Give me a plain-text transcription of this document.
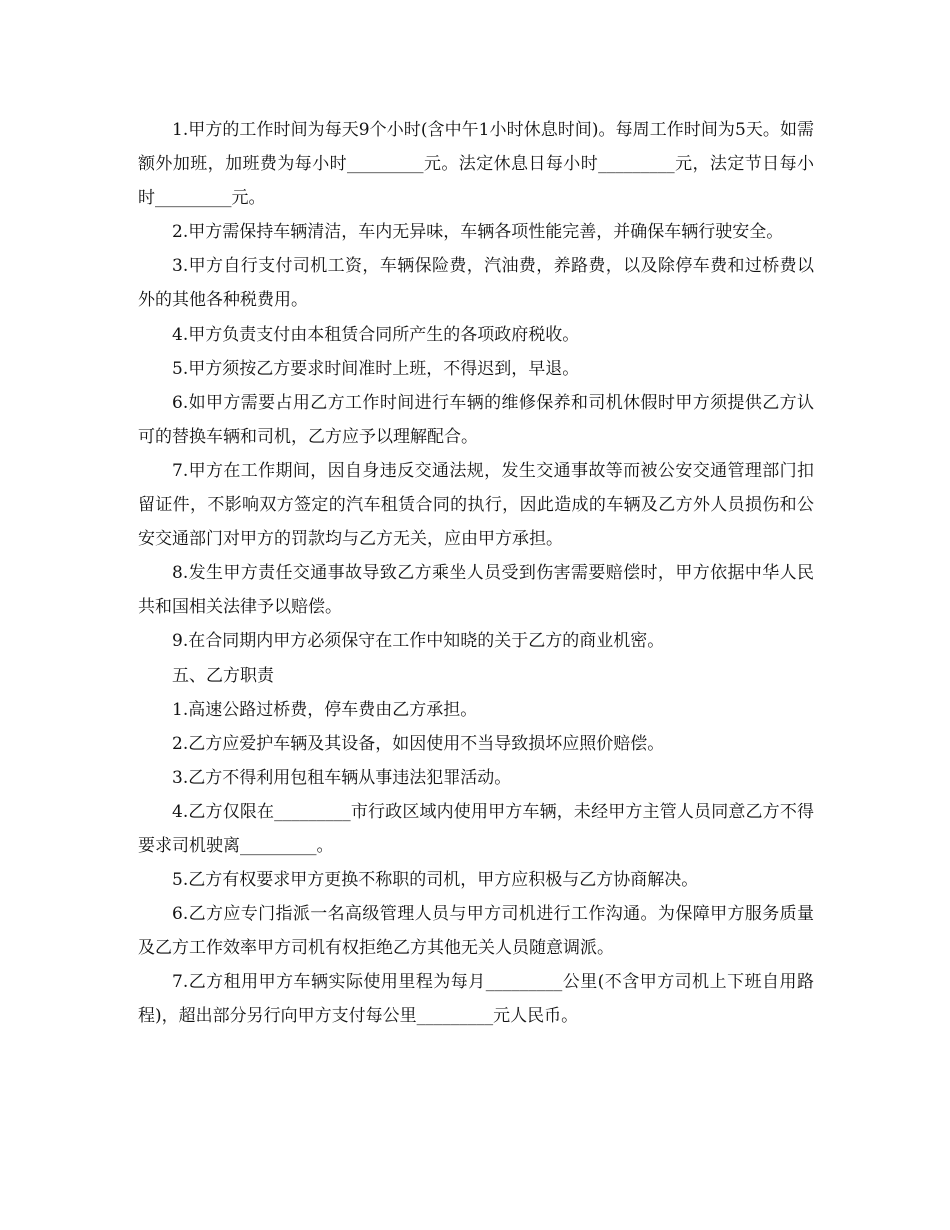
1.甲方的工作时间为每天9个小时(含中午1小时休息时间)。每周工作时间为5天。如需额外加班，加班费为每小时_________元。法定休息日每小时_________元，法定节日每小时_________元。

2.甲方需保持车辆清洁，车内无异味，车辆各项性能完善，并确保车辆行驶安全。

3.甲方自行支付司机工资，车辆保险费，汽油费，养路费，以及除停车费和过桥费以外的其他各种税费用。

4.甲方负责支付由本租赁合同所产生的各项政府税收。

5.甲方须按乙方要求时间准时上班，不得迟到，早退。

6.如甲方需要占用乙方工作时间进行车辆的维修保养和司机休假时甲方须提供乙方认可的替换车辆和司机，乙方应予以理解配合。

7.甲方在工作期间，因自身违反交通法规，发生交通事故等而被公安交通管理部门扣留证件，不影响双方签定的汽车租赁合同的执行，因此造成的车辆及乙方外人员损伤和公安交通部门对甲方的罚款均与乙方无关，应由甲方承担。

8.发生甲方责任交通事故导致乙方乘坐人员受到伤害需要赔偿时，甲方依据中华人民共和国相关法律予以赔偿。

9.在合同期内甲方必须保守在工作中知晓的关于乙方的商业机密。

五、乙方职责

1.高速公路过桥费，停车费由乙方承担。

2.乙方应爱护车辆及其设备，如因使用不当导致损坏应照价赔偿。

3.乙方不得利用包租车辆从事违法犯罪活动。

4.乙方仅限在_________市行政区域内使用甲方车辆，未经甲方主管人员同意乙方不得要求司机驶离_________。

5.乙方有权要求甲方更换不称职的司机，甲方应积极与乙方协商解决。

6.乙方应专门指派一名高级管理人员与甲方司机进行工作沟通。为保障甲方服务质量及乙方工作效率甲方司机有权拒绝乙方其他无关人员随意调派。

7.乙方租用甲方车辆实际使用里程为每月_________公里(不含甲方司机上下班自用路程)，超出部分另行向甲方支付每公里_________元人民币。
